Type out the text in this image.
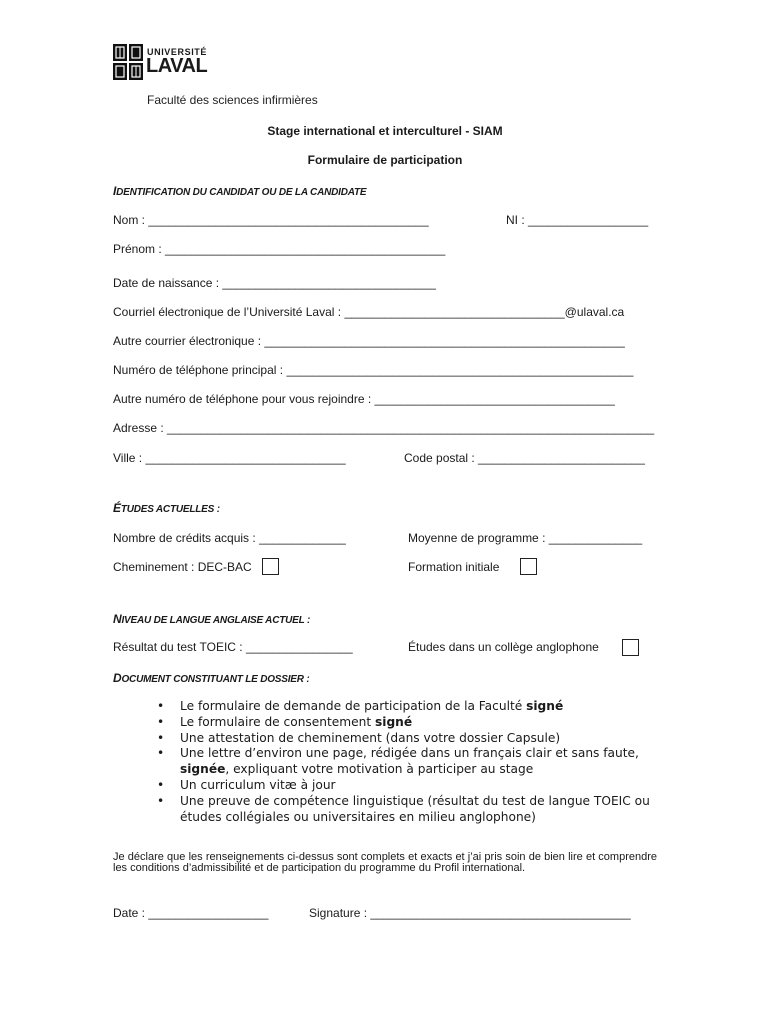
UNIVERSITÉ
LAVAL
Faculté des sciences infirmières
Stage international et interculturel - SIAM
Formulaire de participation
IDENTIFICATION DU CANDIDAT OU DE LA CANDIDATE
Nom : __________________________________________	NI : __________________
Prénom : __________________________________________
Date de naissance : ________________________________
Courriel électronique de l’Université Laval : _________________________________@ulaval.ca
Autre courrier électronique : ______________________________________________________
Numéro de téléphone principal : ____________________________________________________
Autre numéro de téléphone pour vous rejoindre : ____________________________________
Adresse : _________________________________________________________________________
Ville : ______________________________	Code postal : _________________________
ÉTUDES ACTUELLES :
Nombre de crédits acquis : _____________	Moyenne de programme : ______________
Cheminement : DEC-BAC	Formation initiale
NIVEAU DE LANGUE ANGLAISE ACTUEL :
Résultat du test TOEIC : ________________	Études dans un collège anglophone
DOCUMENT CONSTITUANT LE DOSSIER :
• Le formulaire de demande de participation de la Faculté signé
• Le formulaire de consentement signé
• Une attestation de cheminement (dans votre dossier Capsule)
• Une lettre d’environ une page, rédigée dans un français clair et sans faute, signée, expliquant votre motivation à participer au stage
• Un curriculum vitæ à jour
• Une preuve de compétence linguistique (résultat du test de langue TOEIC ou études collégiales ou universitaires en milieu anglophone)
Je déclare que les renseignements ci-dessus sont complets et exacts et j’ai pris soin de bien lire et comprendre les conditions d’admissibilité et de participation du programme du Profil international.
Date : __________________	Signature : _______________________________________
